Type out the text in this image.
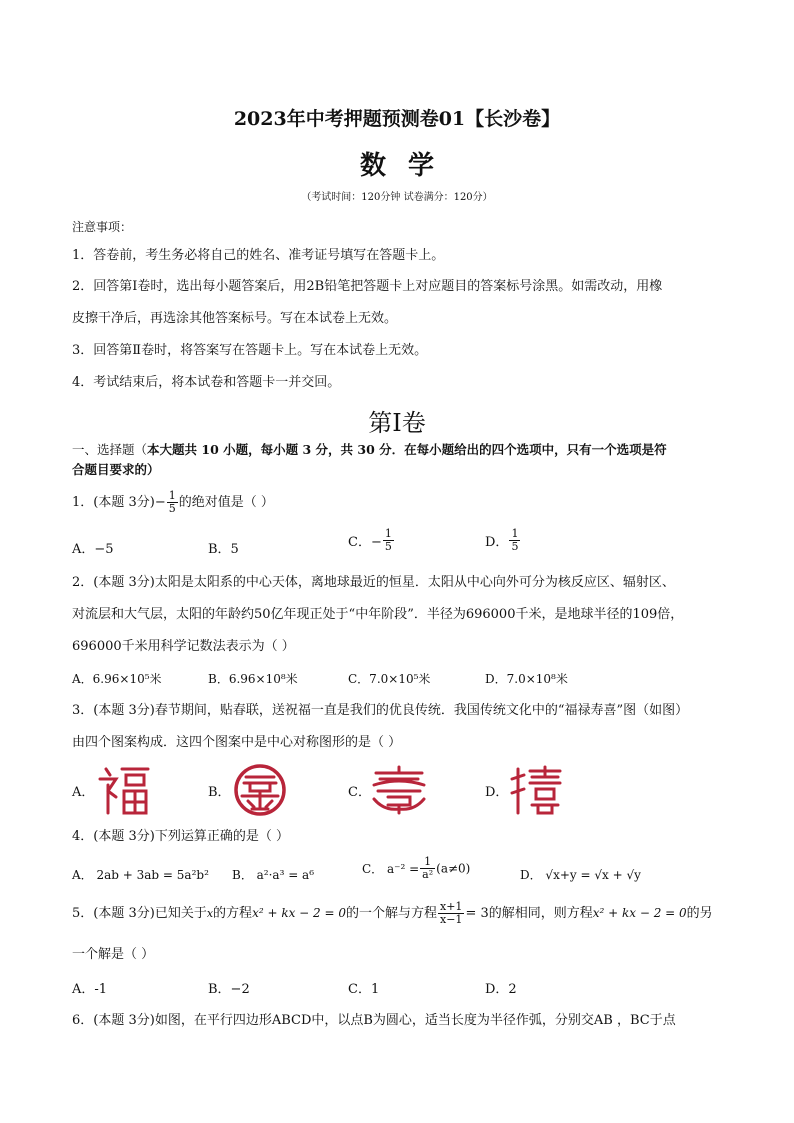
2023年中考押题预测卷01【长沙卷】
数学
（考试时间：120分钟 试卷满分：120分）
注意事项：
1．答卷前，考生务必将自己的姓名、准考证号填写在答题卡上。
2．回答第Ⅰ卷时，选出每小题答案后，用2B铅笔把答题卡上对应题目的答案标号涂黑。如需改动，用橡
皮擦干净后，再选涂其他答案标号。写在本试卷上无效。
3．回答第Ⅱ卷时，将答案写在答题卡上。写在本试卷上无效。
4．考试结束后，将本试卷和答题卡一并交回。
第Ⅰ卷
一、选择题（本大题共 10 小题，每小题 3 分，共 30 分．在每小题给出的四个选项中，只有一个选项是符
合题目要求的）
1．(本题 3分)− $\frac{1}{5}$ 的绝对值是（ ）
A．−5	B．5	C．− $\frac{1}{5}$	D． $\frac{1}{5}$
2．(本题 3分)太阳是太阳系的中心天体，离地球最近的恒星．太阳从中心向外可分为核反应区、辐射区、
对流层和大气层，太阳的年龄约50亿年现正处于“中年阶段”．半径为696000千米，是地球半径的109倍，
696000千米用科学记数法表示为（ ）
A．6.96×10⁵米	B．6.96×10⁸米	C．7.0×10⁵米	D．7.0×10⁸米
3．(本题 3分)春节期间，贴春联，送祝福一直是我们的优良传统．我国传统文化中的“福禄寿喜”图（如图）
由四个图案构成．这四个图案中是中心对称图形的是（ ）
A．	B．	C．	D．
4．(本题 3分)下列运算正确的是（ ）
A． 2ab + 3ab = 5a²b² B． a²·a³ = a⁶	C． $a^{-2} = \frac{1}{\text{a²}} (a\ne 0)$	D． √x+y = √x + √y
5．(本题 3分)已知关于x的方程x² + kx − 2 = 0的一个解与方程 $\frac{x+1}{x-1} = 3$的解相同，则方程x² + kx − 2 = 0的另
一个解是（ ）
A．-1	B．−2	C．1	D．2
6．(本题 3分)如图，在平行四边形ABCD中，以点B为圆心，适当长度为半径作弧，分别交AB ，BC于点
